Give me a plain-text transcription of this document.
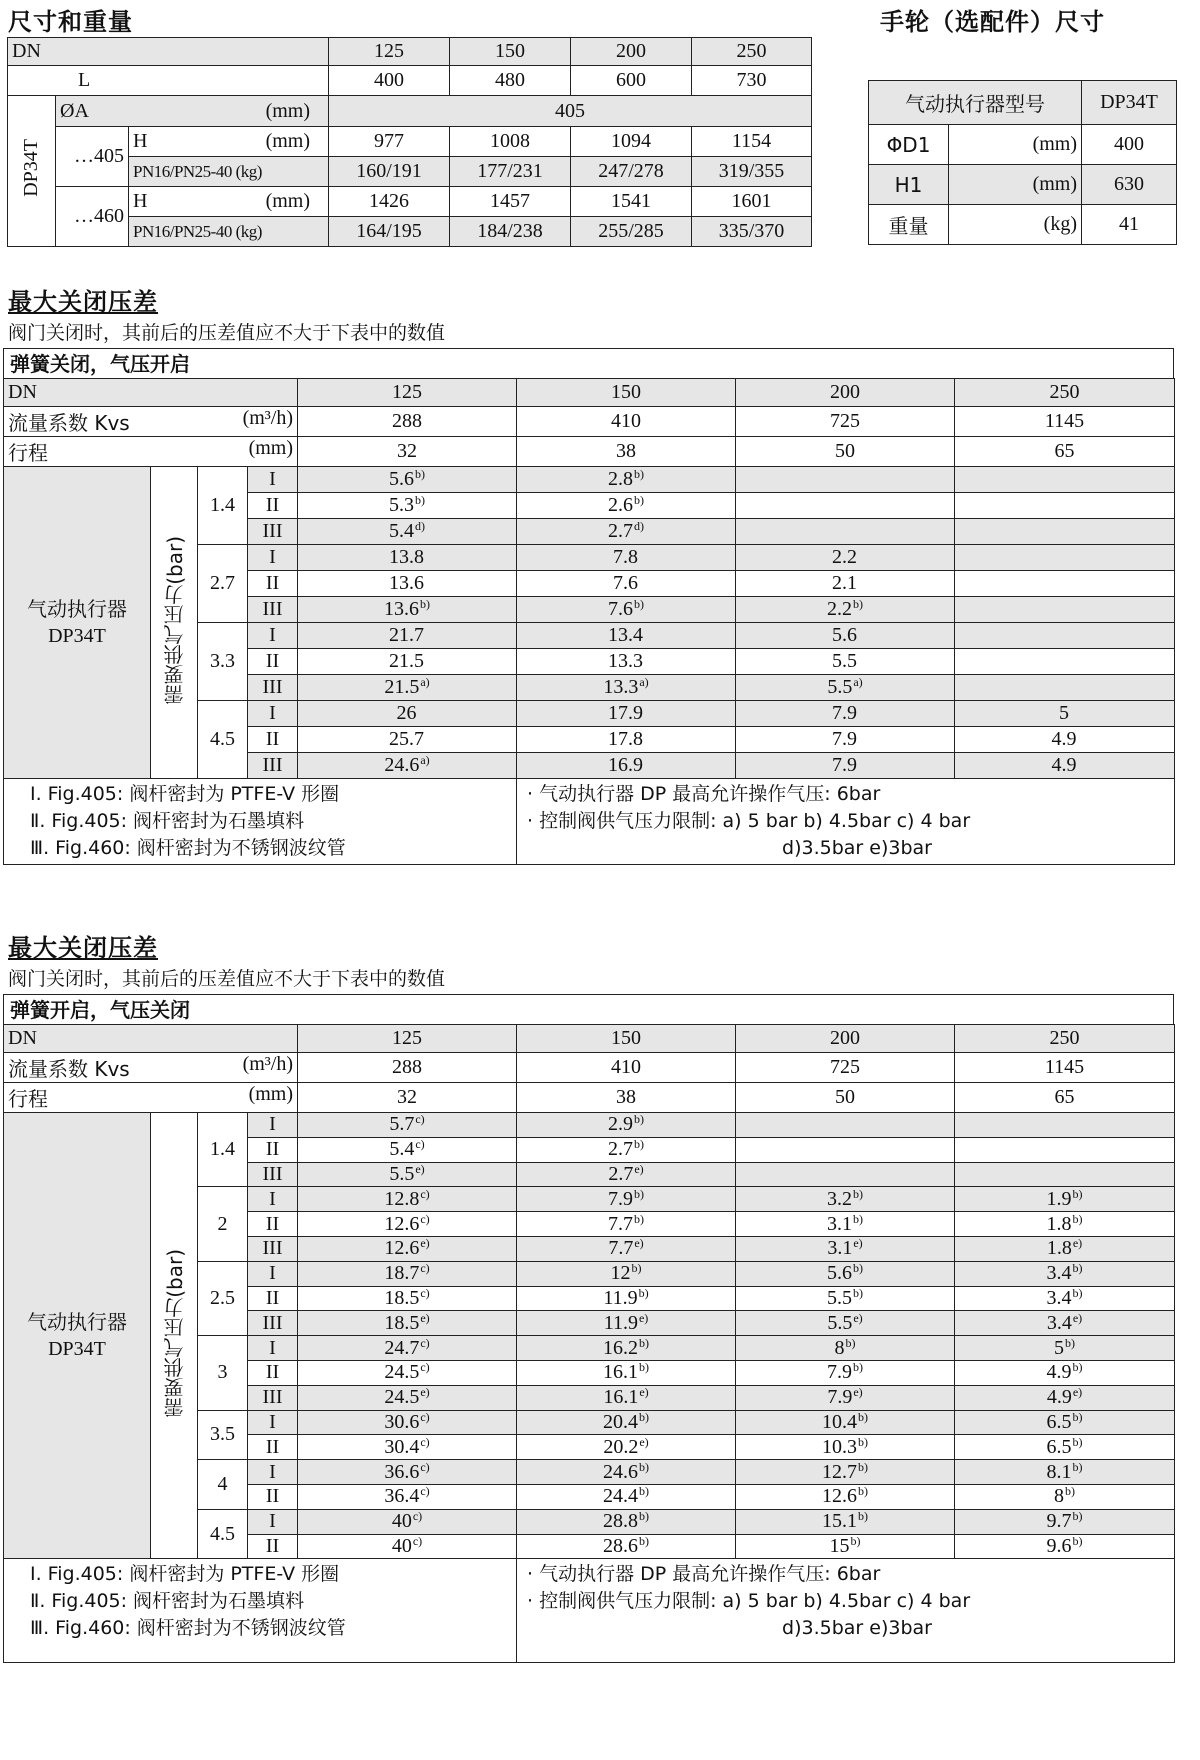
尺寸和重量	手轮（选配件）尺寸
DN			125	150	200	250
L			400	480	600	730
DP34T	ØA (mm)		405			
	…405	H (mm)	977	1008	1094	1154
		PN16/PN25-40 (kg)	160/191	177/231	247/278	319/355
	…460	H (mm)	1426	1457	1541	1601
		PN16/PN25-40 (kg)	164/195	184/238	255/285	335/370
气动执行器型号		DP34T
ΦD1	(mm)	400
H1	(mm)	630
重量	(kg)	41
最大关闭压差
阀门关闭时，其前后的压差值应不大于下表中的数值
弹簧关闭，气压开启
DN				125	150	200	250
流量系数 Kvs (m³/h)				288	410	725	1145
行程 (mm)				32	38	50	65
气动执行器
DP34T	需要供气压力(bar)	1.4	I	5.6$^{b)}$	2.8$^{b)}$		
			II	5.3$^{b)}$	2.6$^{b)}$		
			III	5.4$^{d)}$	2.7$^{d)}$		
		2.7	I	13.8	7.8	2.2	
			II	13.6	7.6	2.1	
			III	13.6$^{b)}$	7.6$^{b)}$	2.2$^{b)}$	
		3.3	I	21.7	13.4	5.6	
			II	21.5	13.3	5.5	
			III	21.5$^{a)}$	13.3$^{a)}$	5.5$^{a)}$	
		4.5	I	26	17.9	7.9	5
			II	25.7	17.8	7.9	4.9
			III	24.6$^{a)}$	16.9	7.9	4.9

Ⅰ. Fig.405: 阀杆密封为 PTFE-V 形圈
Ⅱ. Fig.405: 阀杆密封为石墨填料
Ⅲ. Fig.460: 阀杆密封为不锈钢波纹管					· 气动执行器 DP 最高允许操作气压: 6bar
· 控制阀供气压力限制: a) 5 bar b) 4.5bar c) 4 bar
d)3.5bar e)3bar		
最大关闭压差
阀门关闭时，其前后的压差值应不大于下表中的数值
弹簧开启，气压关闭
DN				125	150	200	250
流量系数 Kvs (m³/h)				288	410	725	1145
行程 (mm)				32	38	50	65
气动执行器
DP34T	需要供气压力(bar)	1.4	I	5.7$^{c)}$	2.9$^{b)}$		
			II	5.4$^{c)}$	2.7$^{b)}$		
			III	5.5$^{e)}$	2.7$^{e)}$		
		2	I	12.8$^{c)}$	7.9$^{b)}$	3.2$^{b)}$	1.9$^{b)}$
			II	12.6$^{c)}$	7.7$^{b)}$	3.1$^{b)}$	1.8$^{b)}$
			III	12.6$^{e)}$	7.7$^{e)}$	3.1$^{e)}$	1.8$^{e)}$
		2.5	I	18.7$^{c)}$	12$^{b)}$	5.6$^{b)}$	3.4$^{b)}$
			II	18.5$^{c)}$	11.9$^{b)}$	5.5$^{b)}$	3.4$^{b)}$
			III	18.5$^{e)}$	11.9$^{e)}$	5.5$^{e)}$	3.4$^{e)}$
		3	I	24.7$^{c)}$	16.2$^{b)}$	8$^{b)}$	5$^{b)}$
			II	24.5$^{c)}$	16.1$^{b)}$	7.9$^{b)}$	4.9$^{b)}$
			III	24.5$^{e)}$	16.1$^{e)}$	7.9$^{e)}$	4.9$^{e)}$
		3.5	I	30.6$^{c)}$	20.4$^{b)}$	10.4$^{b)}$	6.5$^{b)}$
			II	30.4$^{c)}$	20.2$^{e)}$	10.3$^{b)}$	6.5$^{b)}$
		4	I	36.6$^{c)}$	24.6$^{b)}$	12.7$^{b)}$	8.1$^{b)}$
			II	36.4$^{c)}$	24.4$^{b)}$	12.6$^{b)}$	8$^{b)}$
		4.5	I	40$^{c)}$	28.8$^{b)}$	15.1$^{b)}$	9.7$^{b)}$
			II	40$^{c)}$	28.6$^{b)}$	15$^{b)}$	9.6$^{b)}$

Ⅰ. Fig.405: 阀杆密封为 PTFE-V 形圈
Ⅱ. Fig.405: 阀杆密封为石墨填料
Ⅲ. Fig.460: 阀杆密封为不锈钢波纹管					· 气动执行器 DP 最高允许操作气压: 6bar
· 控制阀供气压力限制: a) 5 bar b) 4.5bar c) 4 bar
d)3.5bar e)3bar		
